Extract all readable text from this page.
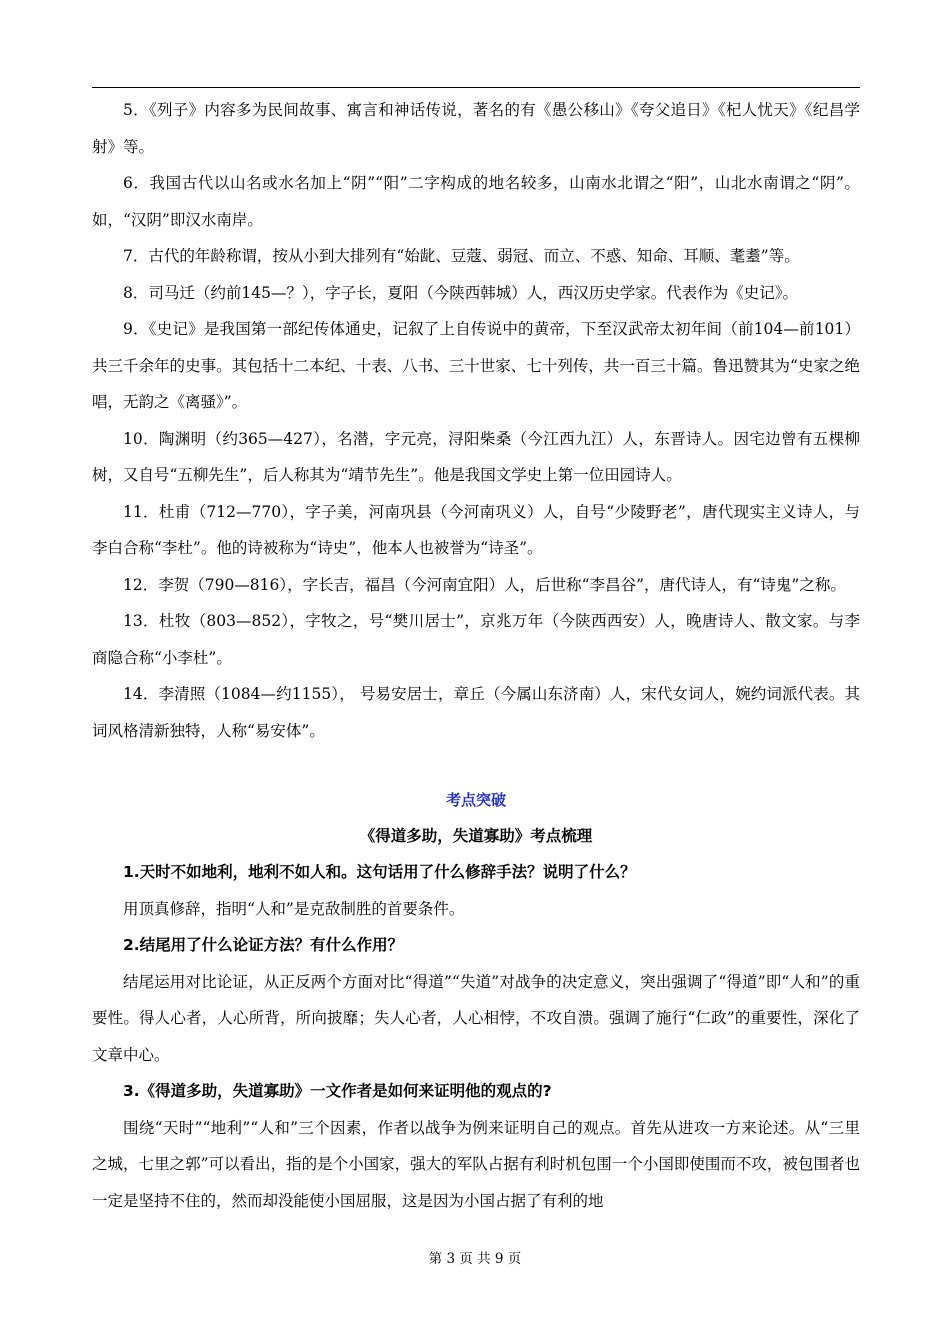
5．《列子》内容多为民间故事、寓言和神话传说，著名的有《愚公移山》《夸父追日》《杞人忧天》《纪昌学射》等。

6．我国古代以山名或水名加上“阴”“阳”二字构成的地名较多，山南水北谓之“阳”，山北水南谓之“阴”。如，“汉阴”即汉水南岸。

7．古代的年龄称谓，按从小到大排列有“始龀、豆蔻、弱冠、而立、不惑、知命、耳顺、耄耋”等。

8．司马迁（约前145—？），字子长，夏阳（今陕西韩城）人，西汉历史学家。代表作为《史记》。

9．《史记》是我国第一部纪传体通史，记叙了上自传说中的黄帝，下至汉武帝太初年间（前104—前101）共三千余年的史事。其包括十二本纪、十表、八书、三十世家、七十列传，共一百三十篇。鲁迅赞其为“史家之绝唱，无韵之《离骚》”。

10．陶渊明（约365—427），名潜，字元亮，浔阳柴桑（今江西九江）人，东晋诗人。因宅边曾有五棵柳树，又自号“五柳先生”，后人称其为“靖节先生”。他是我国文学史上第一位田园诗人。

11．杜甫（712—770），字子美，河南巩县（今河南巩义）人，自号“少陵野老”，唐代现实主义诗人，与李白合称“李杜”。他的诗被称为“诗史”，他本人也被誉为“诗圣”。

12．李贺（790—816），字长吉，福昌（今河南宜阳）人，后世称“李昌谷”，唐代诗人，有“诗鬼”之称。

13．杜牧（803—852），字牧之，号“樊川居士”，京兆万年（今陕西西安）人，晚唐诗人、散文家。与李商隐合称“小李杜”。

14．李清照（1084—约1155）， 号易安居士，章丘（今属山东济南）人，宋代女词人，婉约词派代表。其词风格清新独特，人称“易安体”。

考点突破
《得道多助，失道寡助》考点梳理

1.天时不如地利，地利不如人和。这句话用了什么修辞手法？说明了什么？

用顶真修辞，指明“人和”是克敌制胜的首要条件。

2.结尾用了什么论证方法？有什么作用？

结尾运用对比论证，从正反两个方面对比“得道”“失道”对战争的决定意义，突出强调了“得道”即“人和”的重要性。得人心者，人心所背，所向披靡；失人心者，人心相悖，不攻自溃。强调了施行“仁政”的重要性，深化了文章中心。

3.《得道多助，失道寡助》一文作者是如何来证明他的观点的?

围绕“天时”“地利”“人和”三个因素，作者以战争为例来证明自己的观点。首先从进攻一方来论述。从“三里之城，七里之郭”可以看出，指的是个小国家，强大的军队占据有利时机包围一个小国即使围而不攻，被包围者也一定是坚持不住的，然而却没能使小国屈服，这是因为小国占据了有利的地

第 3 页 共 9 页
